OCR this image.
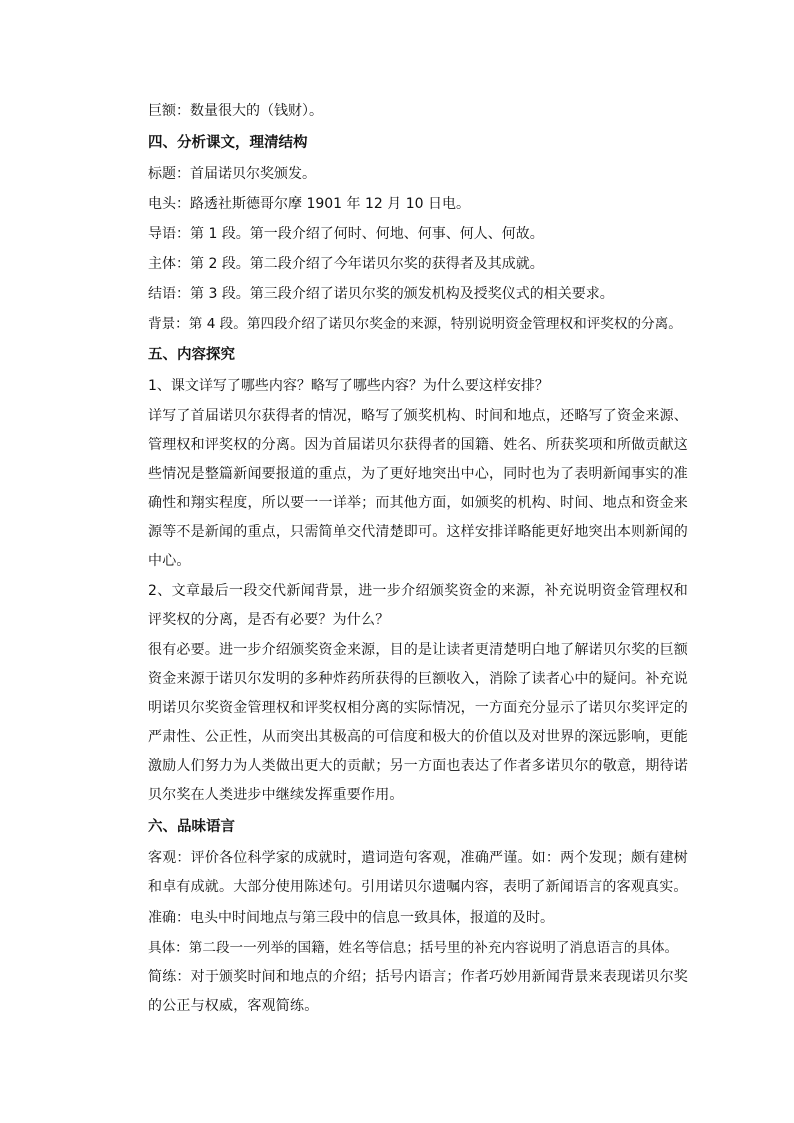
巨额：数量很大的（钱财）。
四、分析课文，理清结构
标题：首届诺贝尔奖颁发。
电头：路透社斯德哥尔摩 1901 年 12 月 10 日电。
导语：第 1 段。第一段介绍了何时、何地、何事、何人、何故。
主体：第 2 段。第二段介绍了今年诺贝尔奖的获得者及其成就。
结语：第 3 段。第三段介绍了诺贝尔奖的颁发机构及授奖仪式的相关要求。
背景：第 4 段。第四段介绍了诺贝尔奖金的来源，特别说明资金管理权和评奖权的分离。
五、内容探究
1、课文详写了哪些内容？略写了哪些内容？为什么要这样安排？
详写了首届诺贝尔获得者的情况，略写了颁奖机构、时间和地点，还略写了资金来源、管理权和评奖权的分离。因为首届诺贝尔获得者的国籍、姓名、所获奖项和所做贡献这些情况是整篇新闻要报道的重点，为了更好地突出中心，同时也为了表明新闻事实的准确性和翔实程度，所以要一一详举；而其他方面，如颁奖的机构、时间、地点和资金来源等不是新闻的重点，只需简单交代清楚即可。这样安排详略能更好地突出本则新闻的中心。
2、文章最后一段交代新闻背景，进一步介绍颁奖资金的来源，补充说明资金管理权和评奖权的分离，是否有必要？为什么？
很有必要。进一步介绍颁奖资金来源，目的是让读者更清楚明白地了解诺贝尔奖的巨额资金来源于诺贝尔发明的多种炸药所获得的巨额收入，消除了读者心中的疑问。补充说明诺贝尔奖资金管理权和评奖权相分离的实际情况，一方面充分显示了诺贝尔奖评定的严肃性、公正性，从而突出其极高的可信度和极大的价值以及对世界的深远影响，更能激励人们努力为人类做出更大的贡献；另一方面也表达了作者多诺贝尔的敬意，期待诺贝尔奖在人类进步中继续发挥重要作用。
六、品味语言
客观：评价各位科学家的成就时，遣词造句客观，准确严谨。如：两个发现；颇有建树和卓有成就。大部分使用陈述句。引用诺贝尔遗嘱内容，表明了新闻语言的客观真实。
准确：电头中时间地点与第三段中的信息一致具体，报道的及时。
具体：第二段一一列举的国籍，姓名等信息；括号里的补充内容说明了消息语言的具体。
简练：对于颁奖时间和地点的介绍；括号内语言；作者巧妙用新闻背景来表现诺贝尔奖的公正与权威，客观简练。
